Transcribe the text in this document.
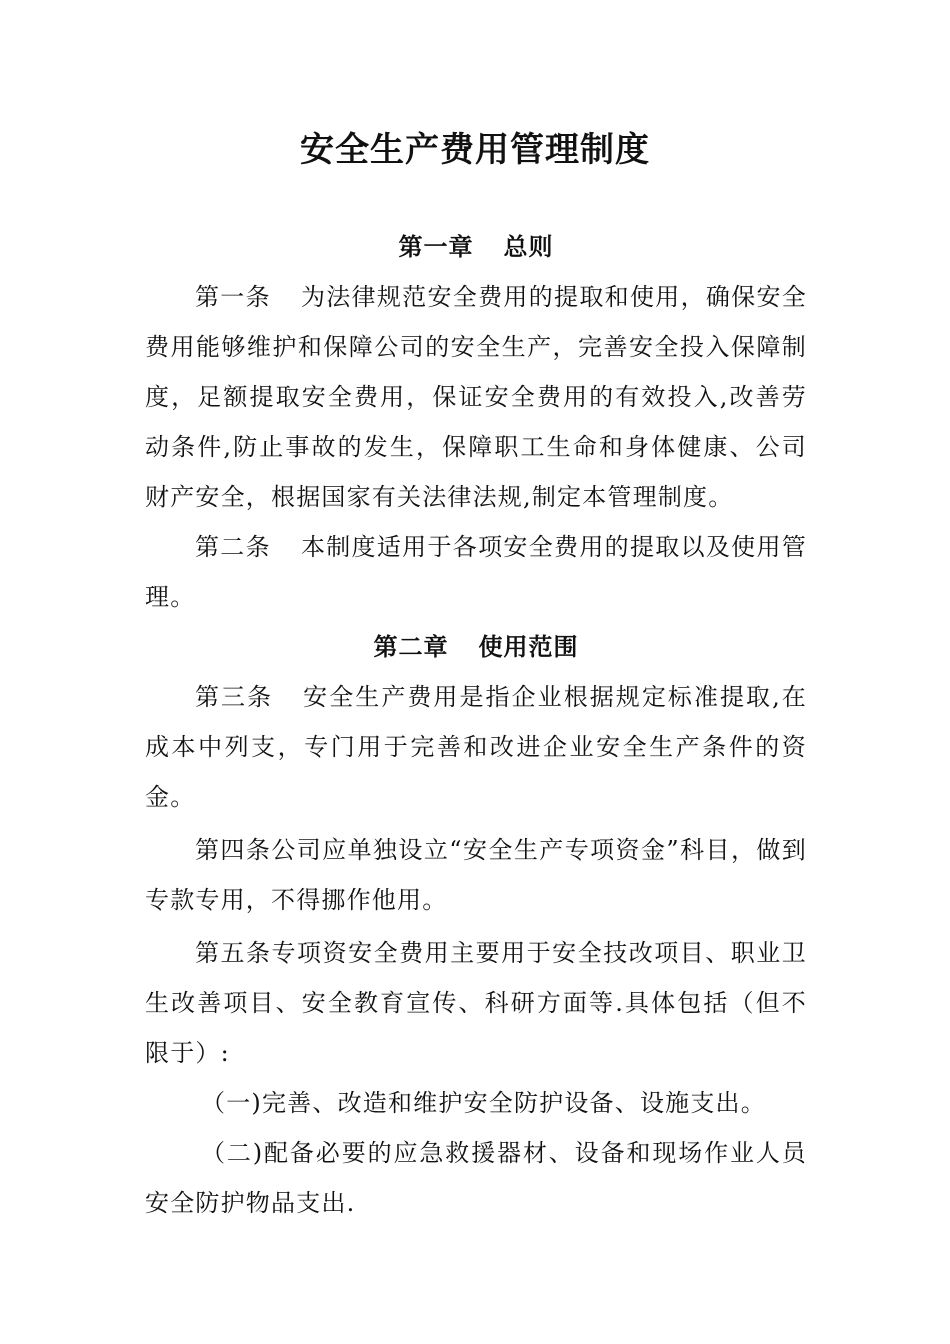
安全生产费用管理制度
第一章 总则

第一条 为法律规范安全费用的提取和使用，确保安全费用能够维护和保障公司的安全生产，完善安全投入保障制度，足额提取安全费用，保证安全费用的有效投入,改善劳动条件,防止事故的发生，保障职工生命和身体健康、公司财产安全，根据国家有关法律法规,制定本管理制度。

第二条 本制度适用于各项安全费用的提取以及使用管理。

第二章 使用范围

第三条 安全生产费用是指企业根据规定标准提取,在成本中列支，专门用于完善和改进企业安全生产条件的资金。

第四条公司应单独设立“安全生产专项资金”科目，做到专款专用，不得挪作他用。

第五条专项资安全费用主要用于安全技改项目、职业卫生改善项目、安全教育宣传、科研方面等.具体包括（但不限于）:

（一)完善、改造和维护安全防护设备、设施支出。

（二)配备必要的应急救援器材、设备和现场作业人员安全防护物品支出.
